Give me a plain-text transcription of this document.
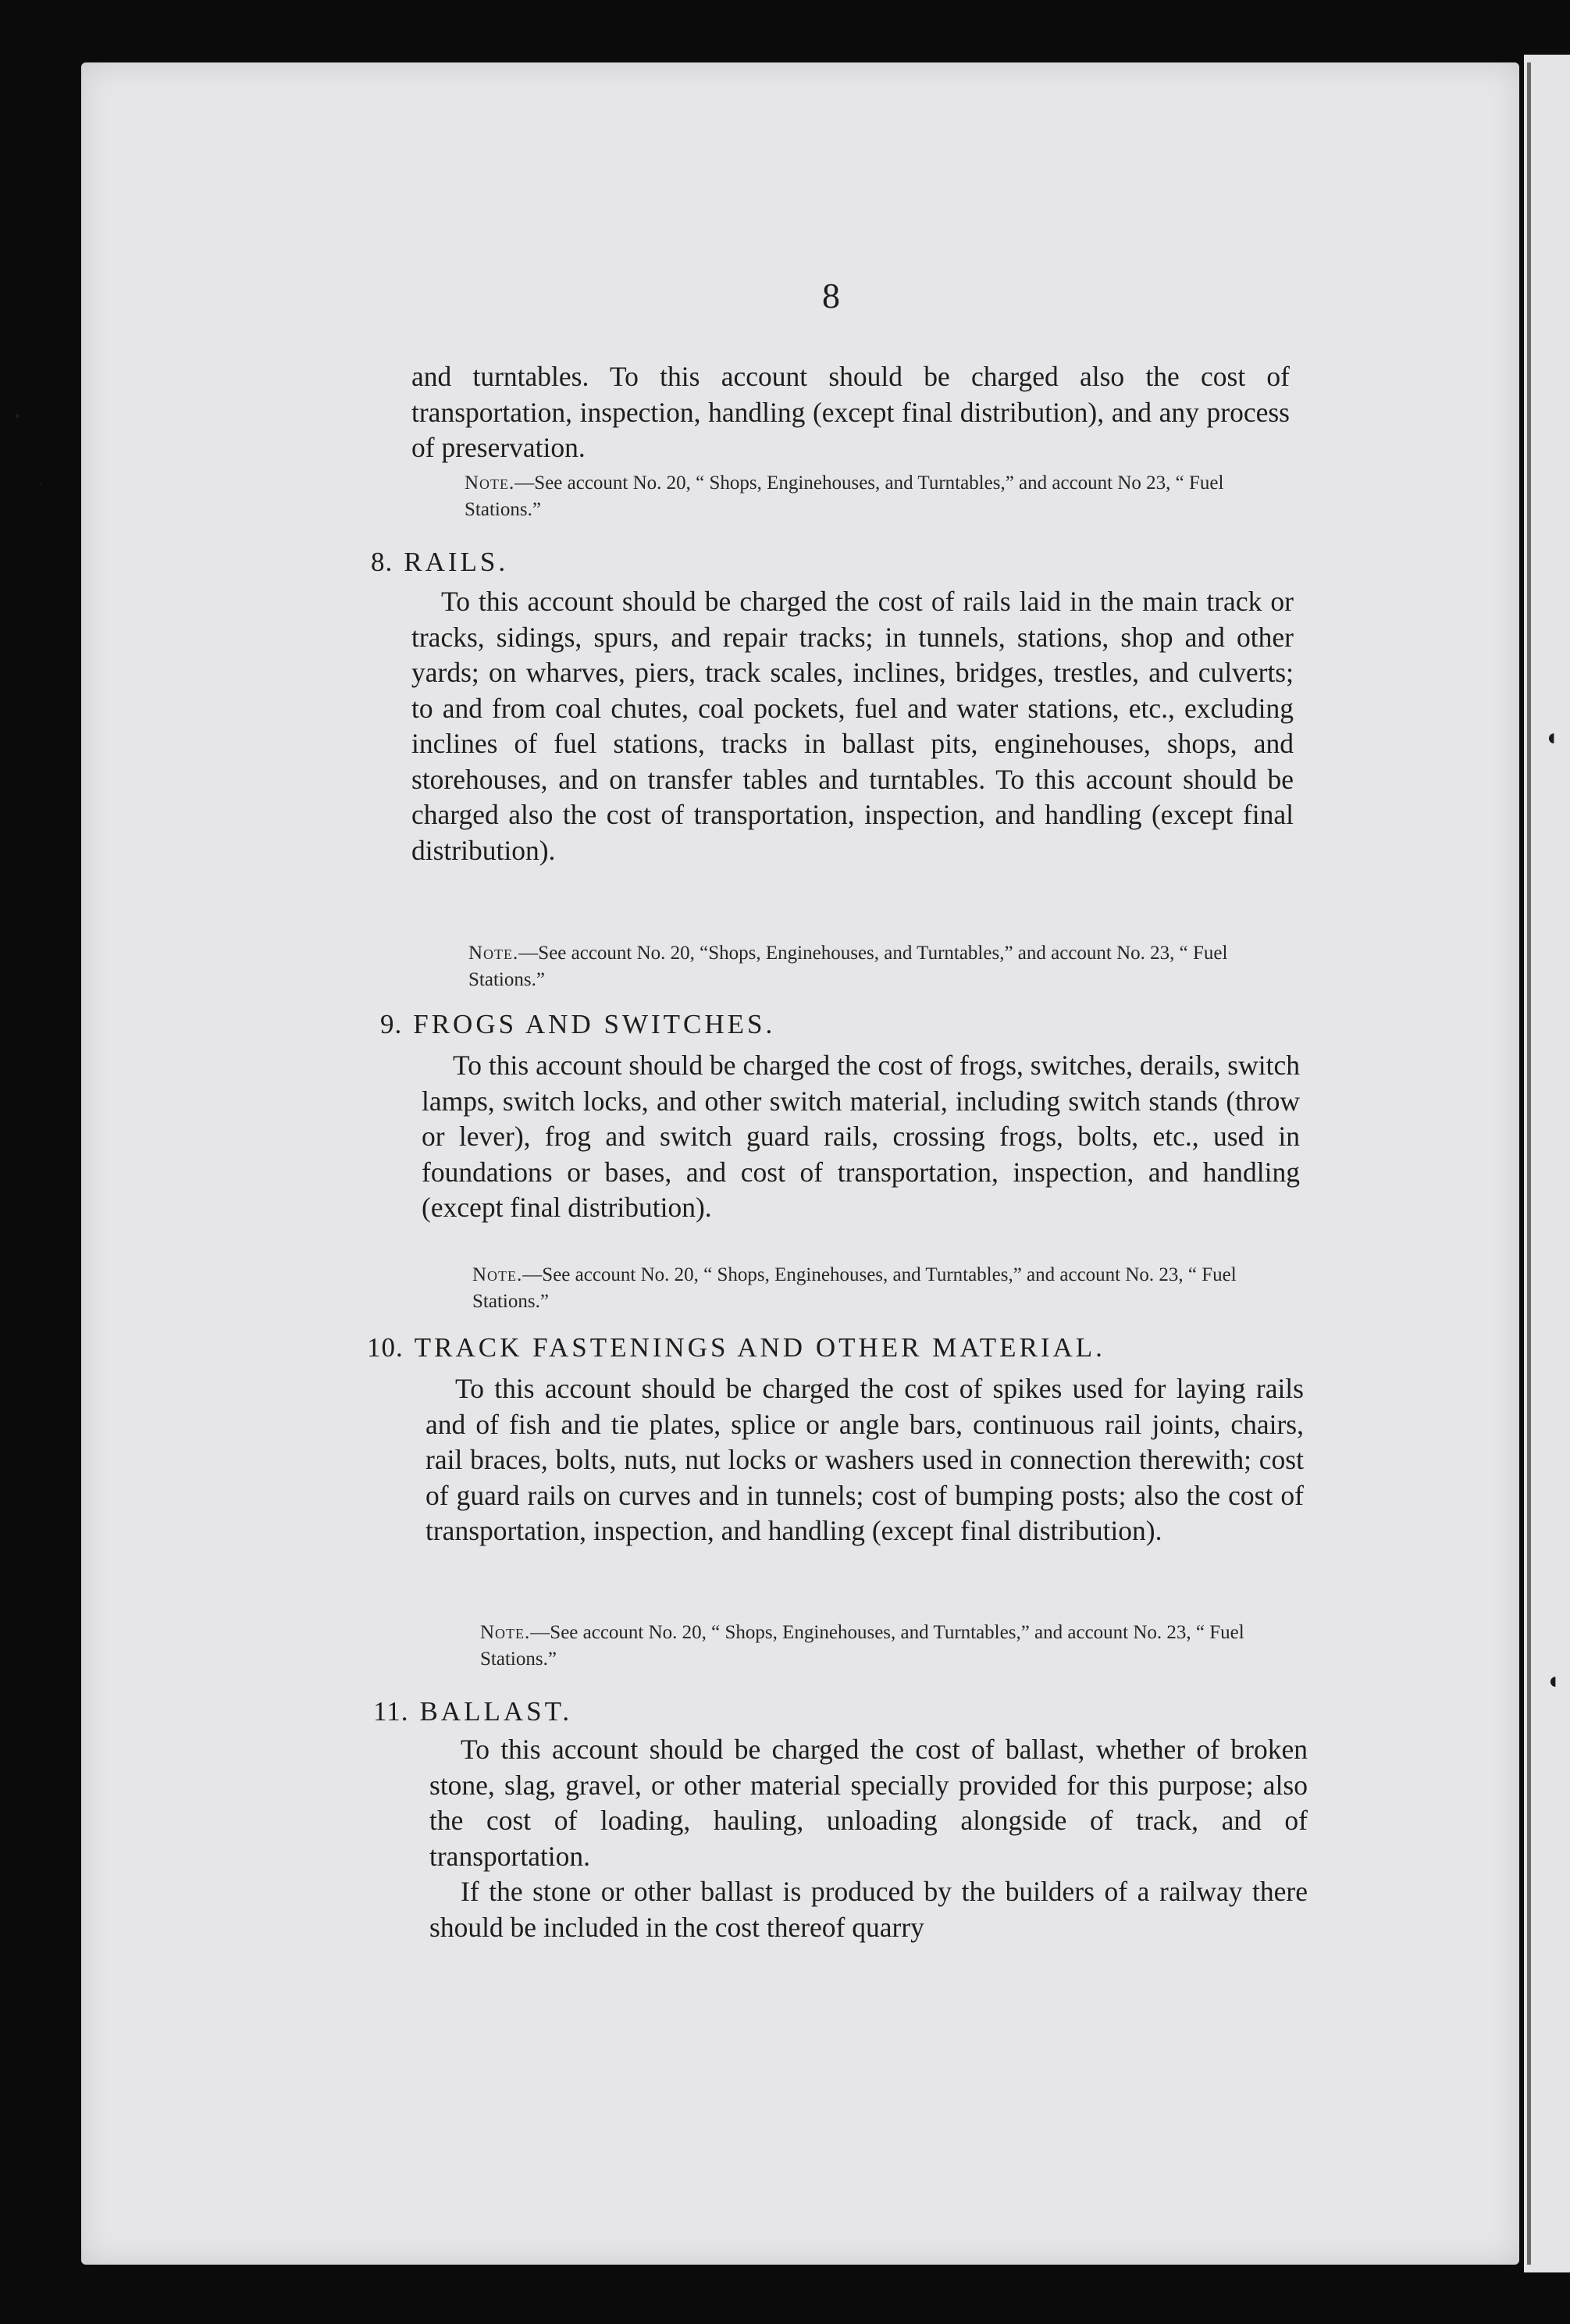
•
·
◖
◖
8
and turntables. To this account should be charged also the cost of transportation, inspection, handling (except final distribution), and any process of preservation.
Note.—See account No. 20, “ Shops, Enginehouses, and Turntables,” and account No 23, “ Fuel Stations.”
8. RAILS.
To this account should be charged the cost of rails laid in the main track or tracks, sidings, spurs, and repair tracks; in tunnels, stations, shop and other yards; on wharves, piers, track scales, inclines, bridges, trestles, and culverts; to and from coal chutes, coal pockets, fuel and water stations, etc., excluding inclines of fuel stations, tracks in ballast pits, enginehouses, shops, and storehouses, and on transfer tables and turntables. To this account should be charged also the cost of transportation, inspection, and handling (except final distribution).
Note.—See account No. 20, “Shops, Enginehouses, and Turntables,” and account No. 23, “ Fuel Stations.”
9. FROGS AND SWITCHES.
To this account should be charged the cost of frogs, switches, derails, switch lamps, switch locks, and other switch material, including switch stands (throw or lever), frog and switch guard rails, crossing frogs, bolts, etc., used in foundations or bases, and cost of transportation, inspection, and handling (except final distribution).
Note.—See account No. 20, “ Shops, Enginehouses, and Turntables,” and account No. 23, “ Fuel Stations.”
10. TRACK FASTENINGS AND OTHER MATERIAL.
To this account should be charged the cost of spikes used for laying rails and of fish and tie plates, splice or angle bars, continuous rail joints, chairs, rail braces, bolts, nuts, nut locks or washers used in connection therewith; cost of guard rails on curves and in tunnels; cost of bumping posts; also the cost of transportation, inspection, and handling (except final distribution).
Note.—See account No. 20, “ Shops, Enginehouses, and Turntables,” and account No. 23, “ Fuel Stations.”
11. BALLAST.
To this account should be charged the cost of ballast, whether of broken stone, slag, gravel, or other material specially provided for this purpose; also the cost of loading, hauling, unloading alongside of track, and of transportation.
If the stone or other ballast is produced by the builders of a railway there should be included in the cost thereof quarry
